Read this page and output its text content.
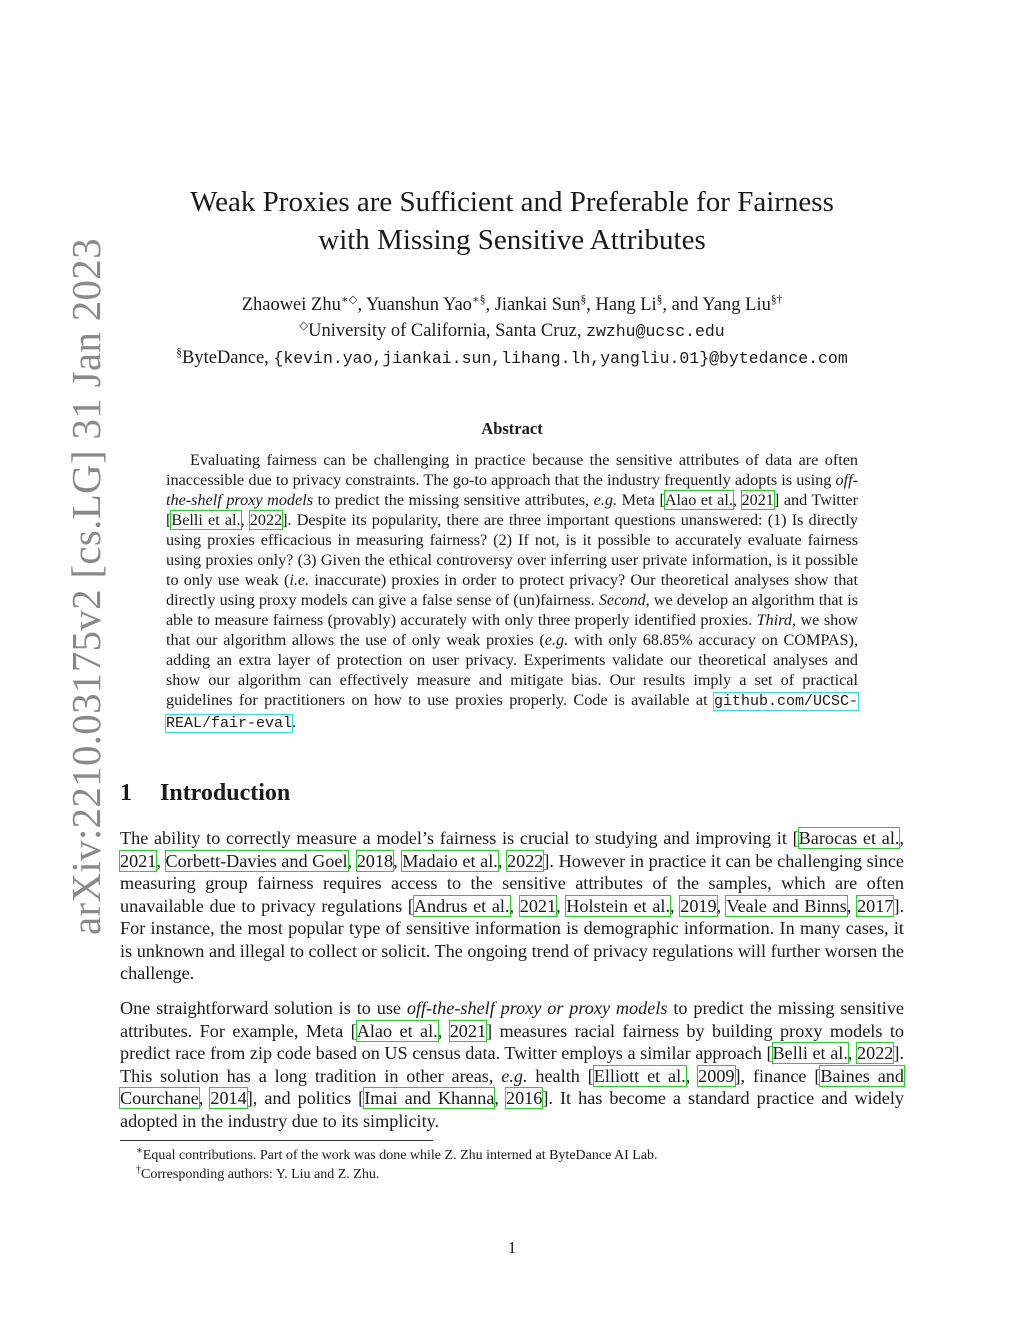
arXiv:2210.03175v2 [cs.LG] 31 Jan 2023
Weak Proxies are Sufficient and Preferable for Fairness
with Missing Sensitive Attributes
Zhaowei Zhu∗◇, Yuanshun Yao∗§, Jiankai Sun§, Hang Li§, and Yang Liu§†
◇University of California, Santa Cruz, zwzhu@ucsc.edu
§ByteDance, {kevin.yao,jiankai.sun,lihang.lh,yangliu.01}@bytedance.com
Abstract

Evaluating fairness can be challenging in practice because the sensitive attributes of data are often inaccessible due to privacy constraints. The go-to approach that the industry frequently adopts is using off-the-shelf proxy models to predict the missing sensitive attributes, e.g. Meta [Alao et al., 2021] and Twitter [Belli et al., 2022]. Despite its popularity, there are three important questions unanswered: (1) Is directly using proxies efficacious in measuring fairness? (2) If not, is it possible to accurately evaluate fairness using proxies only? (3) Given the ethical controversy over inferring user private information, is it possible to only use weak (i.e. inaccurate) proxies in order to protect privacy? Our theoretical analyses show that directly using proxy models can give a false sense of (un)fairness. Second, we develop an algorithm that is able to measure fairness (provably) accurately with only three properly identified proxies. Third, we show that our algorithm allows the use of only weak proxies (e.g. with only 68.85% accuracy on COMPAS), adding an extra layer of protection on user privacy. Experiments validate our theoretical analyses and show our algorithm can effectively measure and mitigate bias. Our results imply a set of practical guidelines for practitioners on how to use proxies properly. Code is available at github.com/UCSC-REAL/fair-eval.

1 Introduction

The ability to correctly measure a model’s fairness is crucial to studying and improving it [Barocas et al., 2021, Corbett-Davies and Goel, 2018, Madaio et al., 2022]. However in practice it can be challenging since measuring group fairness requires access to the sensitive attributes of the samples, which are often unavailable due to privacy regulations [Andrus et al., 2021, Holstein et al., 2019, Veale and Binns, 2017]. For instance, the most popular type of sensitive information is demographic information. In many cases, it is unknown and illegal to collect or solicit. The ongoing trend of privacy regulations will further worsen the challenge.

One straightforward solution is to use off-the-shelf proxy or proxy models to predict the missing sensitive attributes. For example, Meta [Alao et al., 2021] measures racial fairness by building proxy models to predict race from zip code based on US census data. Twitter employs a similar approach [Belli et al., 2022]. This solution has a long tradition in other areas, e.g. health [Elliott et al., 2009], finance [Baines and Courchane, 2014], and politics [Imai and Khanna, 2016]. It has become a standard practice and widely adopted in the industry due to its simplicity.

∗Equal contributions. Part of the work was done while Z. Zhu interned at ByteDance AI Lab.
†Corresponding authors: Y. Liu and Z. Zhu.
1
